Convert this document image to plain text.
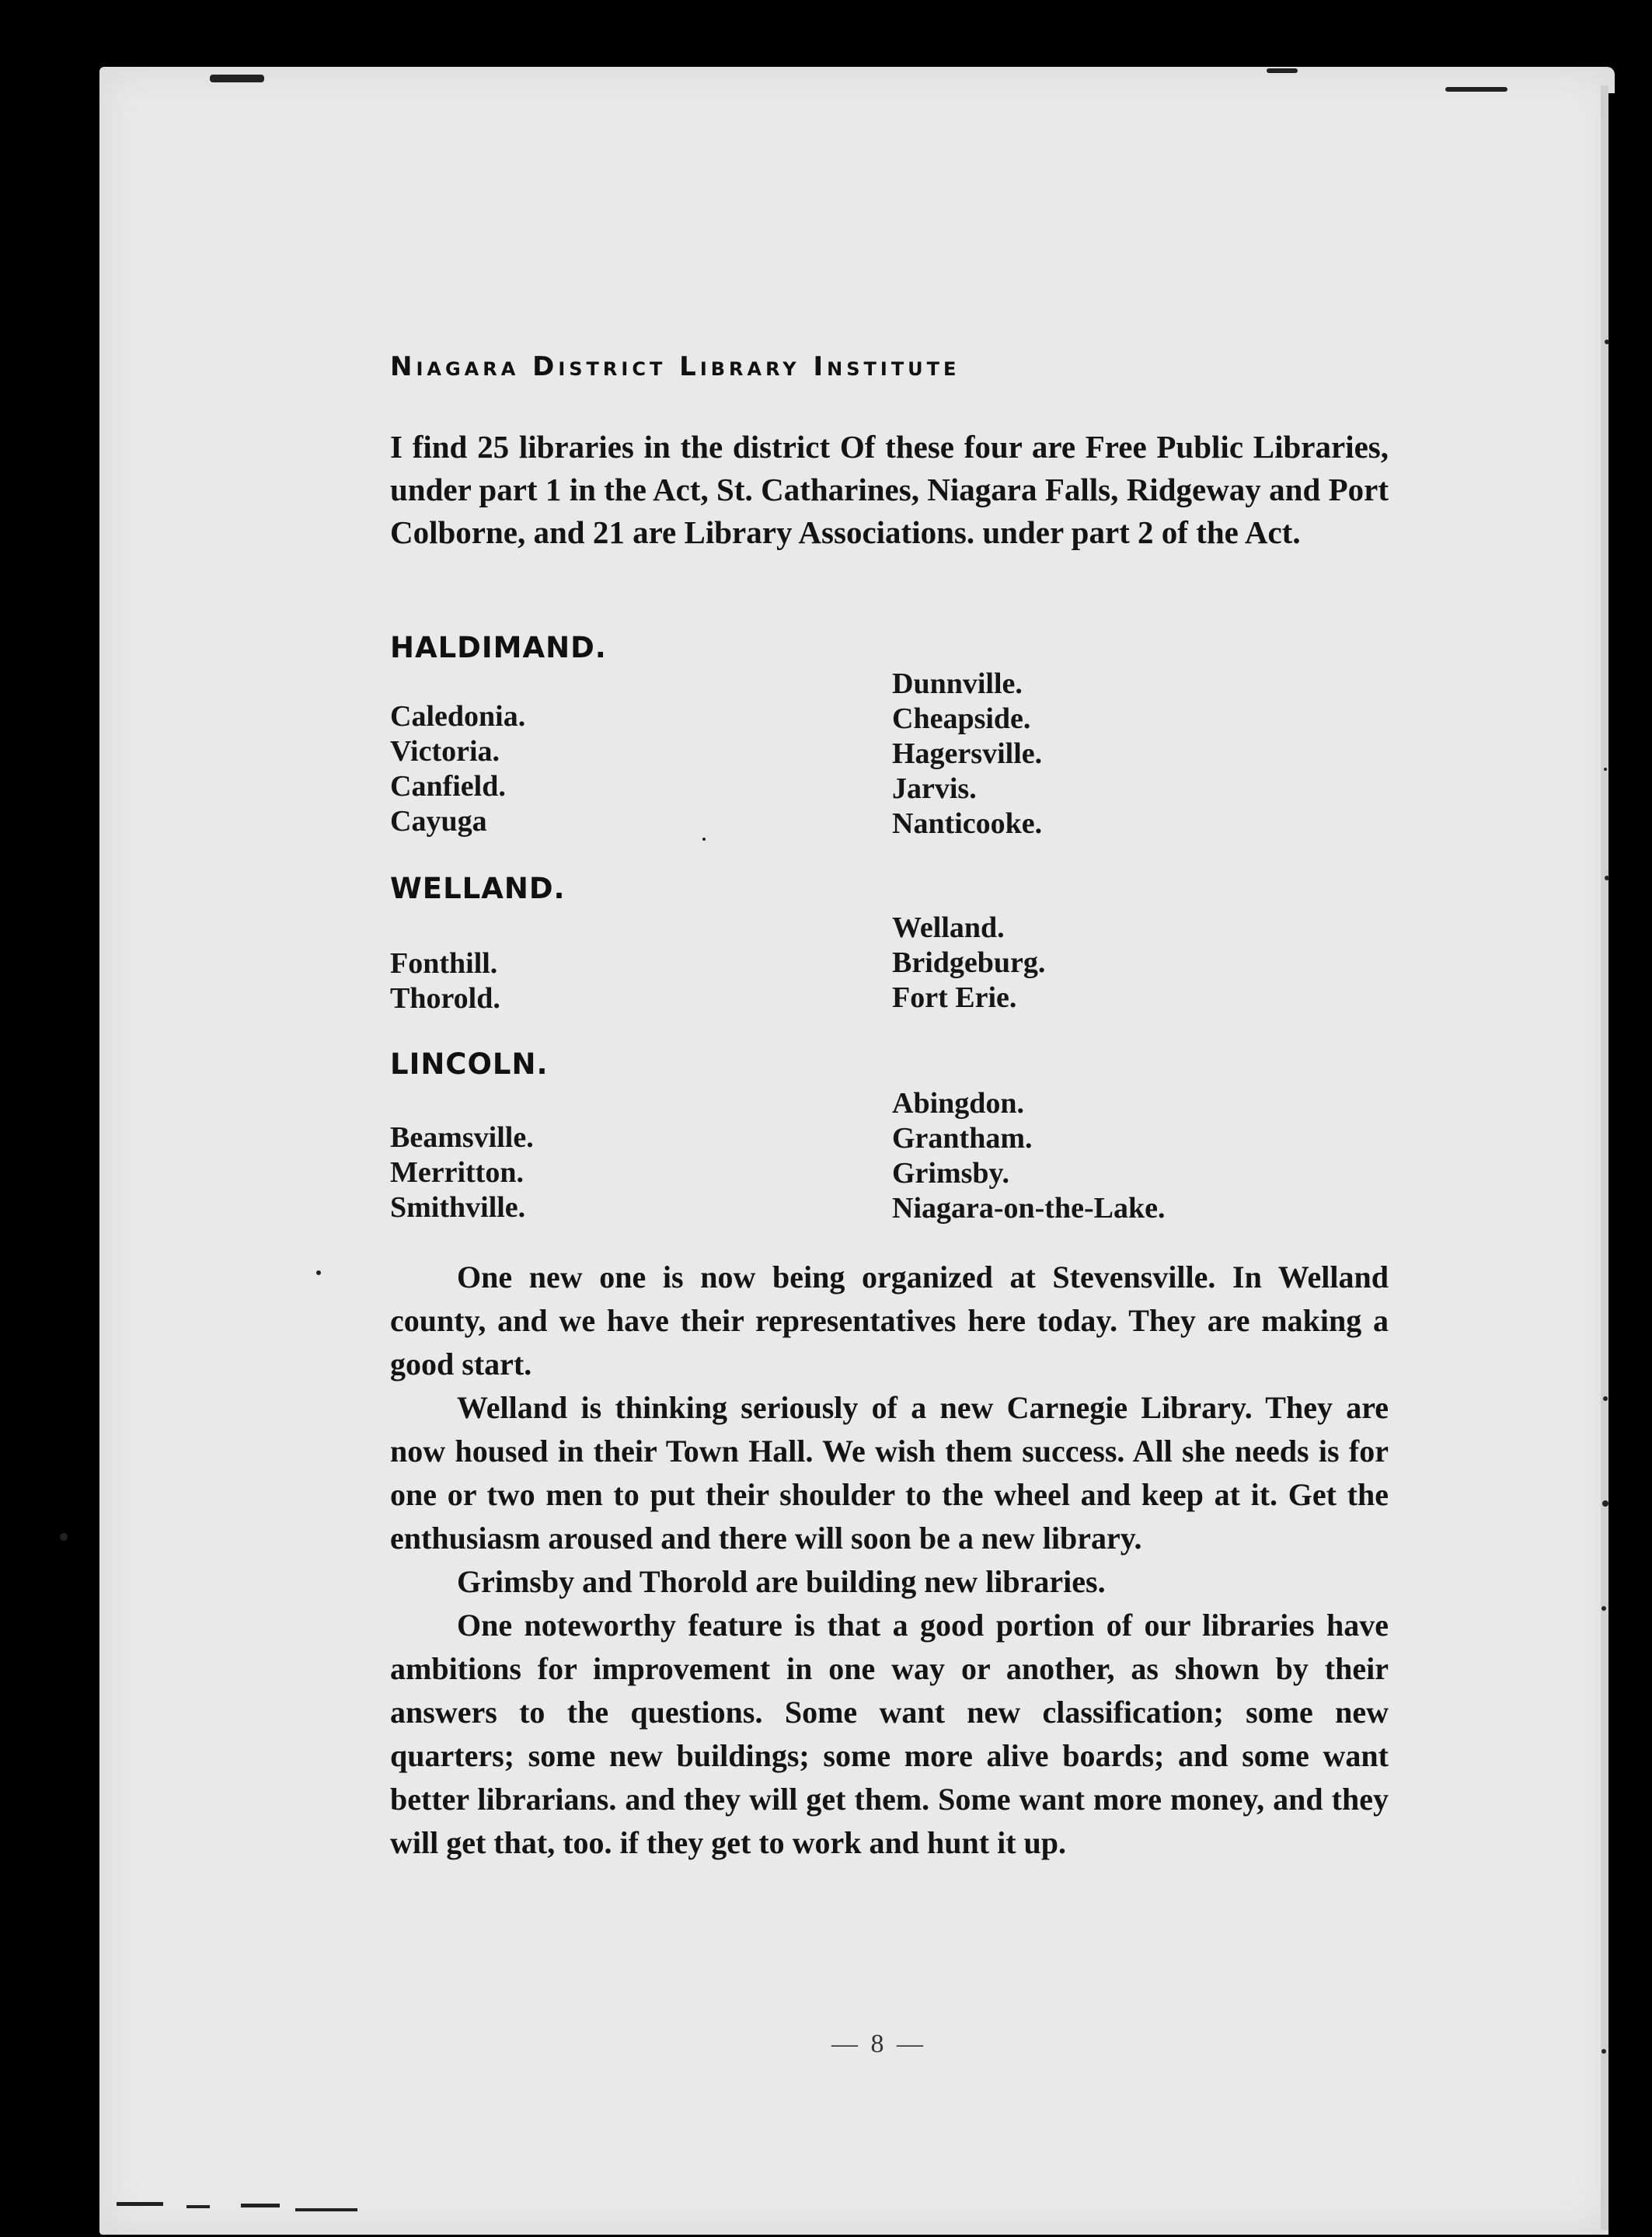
Niagara District Library Institute

I find 25 libraries in the district Of these four are Free Public Libraries, under part 1 in the Act, St. Catharines, Niagara Falls, Ridgeway and Port Colborne, and 21 are Library Associations. under part 2 of the Act.

HALDIMAND.
Dunnville.
Cheapside.
Hagersville.
Jarvis.
Nanticooke.
Caledonia.
Victoria.
Canfield.
Cayuga
WELLAND.
Welland.
Bridgeburg.
Fort Erie.
Fonthill.
Thorold.
LINCOLN.
Abingdon.
Grantham.
Grimsby.
Niagara-on-the-Lake.
Beamsville.
Merritton.
Smithville.

One new one is now being organized at Stevensville. In Welland county, and we have their representatives here today. They are making a good start.

Welland is thinking seriously of a new Carnegie Library. They are now housed in their Town Hall. We wish them success. All she needs is for one or two men to put their shoulder to the wheel and keep at it. Get the enthusiasm aroused and there will soon be a new library.

Grimsby and Thorold are building new libraries.

One noteworthy feature is that a good portion of our libraries have ambitions for improvement in one way or another, as shown by their answers to the questions. Some want new classification; some new quarters; some new buildings; some more alive boards; and some want better librarians. and they will get them. Some want more money, and they will get that, too. if they get to work and hunt it up.

— 8 —
